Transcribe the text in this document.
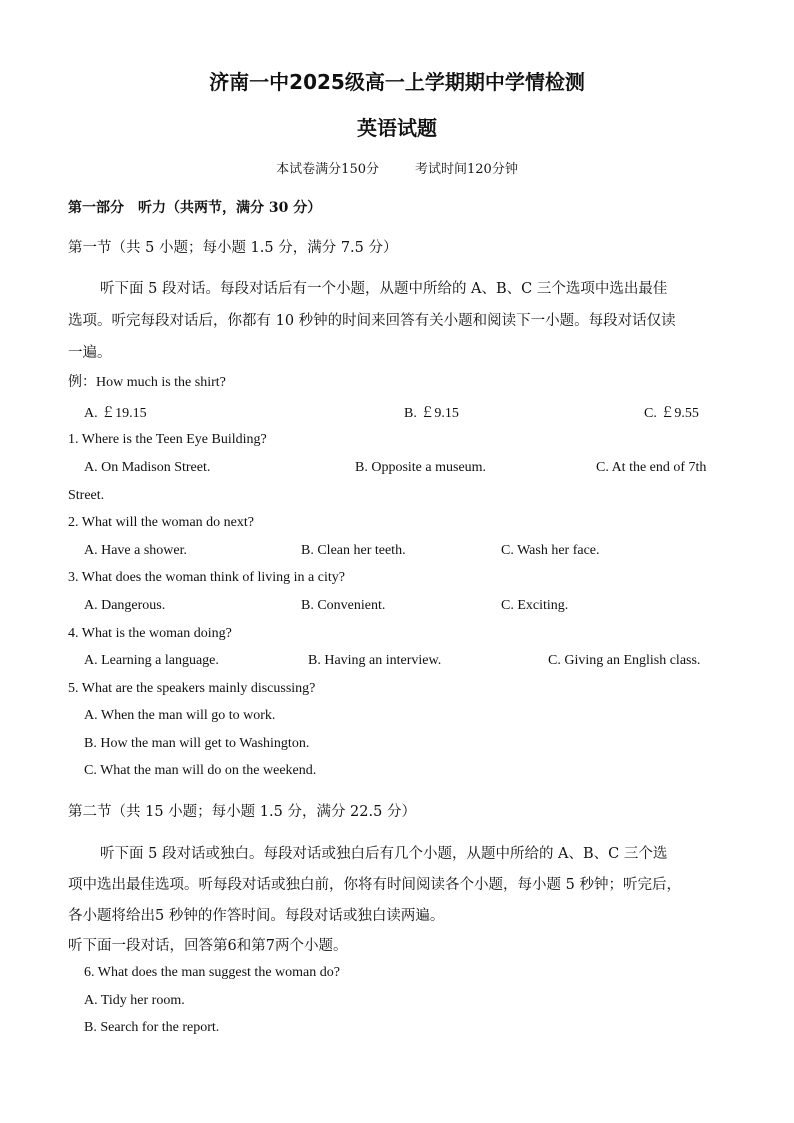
济南一中2025级高一上学期期中学情检测
英语试题
本试卷满分150分	考试时间120分钟
第一部分　听力（共两节，满分 30 分）
第一节（共 5 小题；每小题 1.5 分，满分 7.5 分）
听下面 5 段对话。每段对话后有一个小题，从题中所给的 A、B、C 三个选项中选出最佳
选项。听完每段对话后，你都有 10 秒钟的时间来回答有关小题和阅读下一小题。每段对话仅读
一遍。
例：How much is the shirt?
A. ￡19.15	B. ￡9.15	C. ￡9.55
1. Where is the Teen Eye Building?
A. On Madison Street.	B. Opposite a museum.	C. At the end of 7th
Street.
2. What will the woman do next?
A. Have a shower.	B. Clean her teeth.	C. Wash her face.
3. What does the woman think of living in a city?
A. Dangerous.	B. Convenient.	C. Exciting.
4. What is the woman doing?
A. Learning a language.	B. Having an interview.	C. Giving an English class.
5. What are the speakers mainly discussing?
A. When the man will go to work.
B. How the man will get to Washington.
C. What the man will do on the weekend.
第二节（共 15 小题；每小题 1.5 分，满分 22.5 分）
听下面 5 段对话或独白。每段对话或独白后有几个小题，从题中所给的 A、B、C 三个选
项中选出最佳选项。听每段对话或独白前，你将有时间阅读各个小题，每小题 5 秒钟；听完后，
各小题将给出5 秒钟的作答时间。每段对话或独白读两遍。
听下面一段对话，回答第6和第7两个小题。
6. What does the man suggest the woman do?
A. Tidy her room.
B. Search for the report.
